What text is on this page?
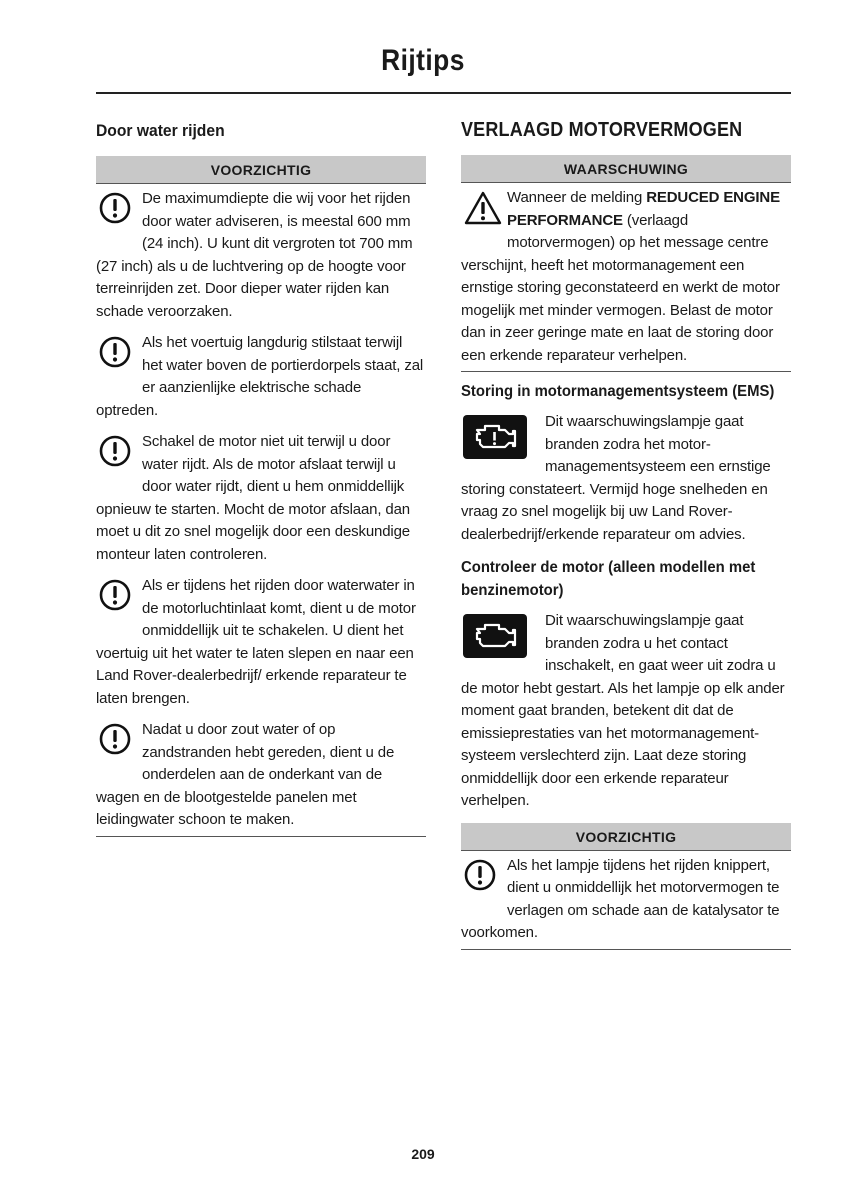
Rijtips
Door water rijden
VOORZICHTIG

De maximumdiepte die wij voor het rijden door water adviseren, is meestal 600 mm (24 inch). U kunt dit vergroten tot 700 mm (27 inch) als u de luchtvering op de hoogte voor terreinrijden zet. Door dieper water rijden kan schade veroorzaken.

Als het voertuig langdurig stilstaat terwijl het water boven de portierdorpels staat, zal er aanzienlijke elektrische schade optreden.

Schakel de motor niet uit terwijl u door water rijdt. Als de motor afslaat terwijl u door water rijdt, dient u hem onmiddellijk opnieuw te starten. Mocht de motor afslaan, dan moet u dit zo snel mogelijk door een deskundige monteur laten controleren.

Als er tijdens het rijden door waterwater in de motorluchtinlaat komt, dient u de motor onmiddellijk uit te schakelen. U dient het voertuig uit het water te laten slepen en naar een Land Rover-dealerbedrijf/ erkende reparateur te laten brengen.

Nadat u door zout water of op zandstranden hebt gereden, dient u de onderdelen aan de onderkant van de wagen en de blootgestelde panelen met leidingwater schoon te maken.

VERLAAGD MOTORVERMOGEN
WAARSCHUWING

Wanneer de melding REDUCED ENGINE PERFORMANCE (verlaagd motorvermogen) op het message centre verschijnt, heeft het motormanagement een ernstige storing geconstateerd en werkt de motor mogelijk met minder vermogen. Belast de motor dan in zeer geringe mate en laat de storing door een erkende reparateur verhelpen.

Storing in motormanagementsysteem (EMS)

Dit waarschuwingslampje gaat branden zodra het motor-managementsysteem een ernstige storing constateert. Vermijd hoge snelheden en vraag zo snel mogelijk bij uw Land Rover-dealerbedrijf/erkende reparateur om advies.

Controleer de motor (alleen modellen met benzinemotor)

Dit waarschuwingslampje gaat branden zodra u het contact inschakelt, en gaat weer uit zodra u de motor hebt gestart. Als het lampje op elk ander moment gaat branden, betekent dit dat de emissieprestaties van het motormanagement-systeem verslechterd zijn. Laat deze storing onmiddellijk door een erkende reparateur verhelpen.

VOORZICHTIG

Als het lampje tijdens het rijden knippert, dient u onmiddellijk het motorvermogen te verlagen om schade aan de katalysator te voorkomen.

209
